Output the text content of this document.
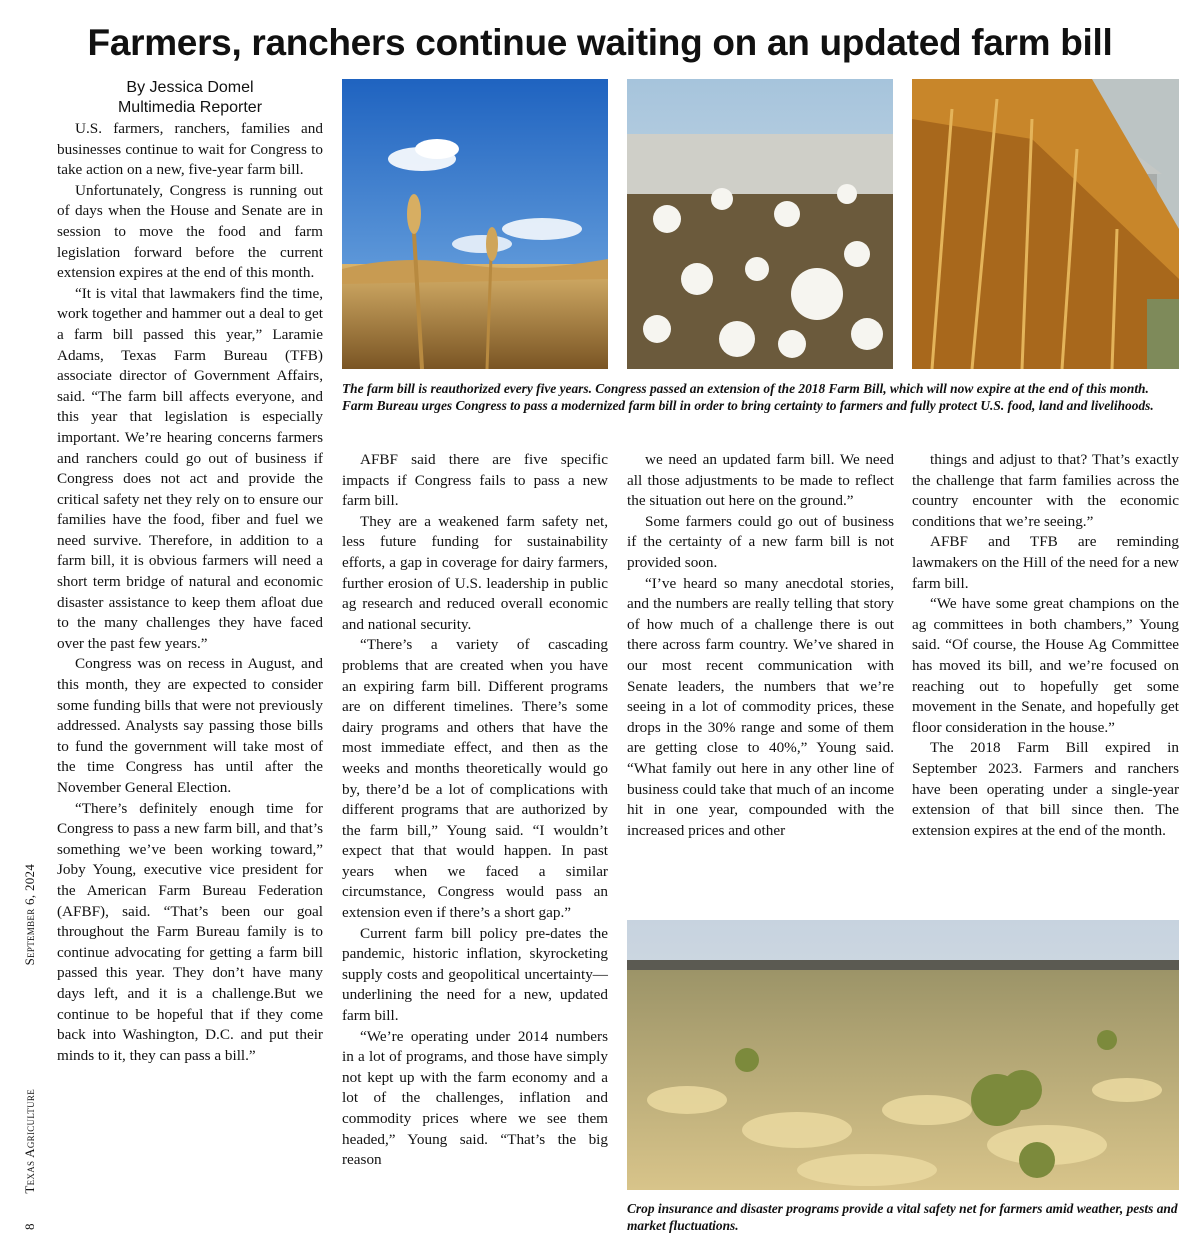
Farmers, ranchers continue waiting on an updated farm bill
By Jessica Domel
Multimedia Reporter

U.S. farmers, ranchers, families and businesses continue to wait for Congress to take action on a new, five-year farm bill.

Unfortunately, Congress is running out of days when the House and Senate are in session to move the food and farm legislation forward before the current extension expires at the end of this month.

“It is vital that lawmakers find the time, work together and hammer out a deal to get a farm bill passed this year,” Laramie Adams, Texas Farm Bureau (TFB) associate director of Government Affairs, said. “The farm bill affects everyone, and this year that legislation is especially important. We’re hearing concerns farmers and ranchers could go out of business if Congress does not act and provide the critical safety net they rely on to ensure our families have the food, fiber and fuel we need survive. Therefore, in addition to a farm bill, it is obvious farmers will need a short term bridge of natural and economic disaster assistance to keep them afloat due to the many challenges they have faced over the past few years.”

Congress was on recess in August, and this month, they are expected to consider some funding bills that were not previously addressed. Analysts say passing those bills to fund the government will take most of the time Congress has until after the November General Election.

“There’s definitely enough time for Congress to pass a new farm bill, and that’s something we’ve been working toward,” Joby Young, executive vice president for the American Farm Bureau Federation (AFBF), said. “That’s been our goal throughout the Farm Bureau family is to continue advocating for getting a farm bill passed this year. They don’t have many days left, and it is a challenge.But we continue to be hopeful that if they come back into Washington, D.C. and put their minds to it, they can pass a bill.”

AFBF said there are five specific impacts if Congress fails to pass a new farm bill.

They are a weakened farm safety net, less future funding for sustainability efforts, a gap in coverage for dairy farmers, further erosion of U.S. leadership in public ag research and reduced overall economic and national security.

“There’s a variety of cascading problems that are created when you have an expiring farm bill. Different programs are on different timelines. There’s some dairy programs and others that have the most immediate effect, and then as the weeks and months theoretically would go by, there’d be a lot of complications with different programs that are authorized by the farm bill,” Young said. “I wouldn’t expect that that would happen. In past years when we faced a similar circumstance, Congress would pass an extension even if there’s a short gap.”

Current farm bill policy pre-dates the pandemic, historic inflation, skyrocketing supply costs and geopolitical uncertainty—underlining the need for a new, updated farm bill.

“We’re operating under 2014 numbers in a lot of programs, and those have simply not kept up with the farm economy and a lot of the challenges, inflation and commodity prices where we see them headed,” Young said. “That’s the big reason

we need an updated farm bill. We need all those adjustments to be made to reflect the situation out here on the ground.”

Some farmers could go out of business if the certainty of a new farm bill is not provided soon.

“I’ve heard so many anecdotal stories, and the numbers are really telling that story of how much of a challenge there is out there across farm country. We’ve shared in our most recent communication with Senate leaders, the numbers that we’re seeing in a lot of commodity prices, these drops in the 30% range and some of them are getting close to 40%,” Young said. “What family out here in any other line of business could take that much of an income hit in one year, compounded with the increased prices and other

things and adjust to that? That’s exactly the challenge that farm families across the country encounter with the economic conditions that we’re seeing.”

AFBF and TFB are reminding lawmakers on the Hill of the need for a new farm bill.

“We have some great champions on the ag committees in both chambers,” Young said. “Of course, the House Ag Committee has moved its bill, and we’re focused on reaching out to hopefully get some movement in the Senate, and hopefully get floor consideration in the house.”

The 2018 Farm Bill expired in September 2023. Farmers and ranchers have been operating under a single-year extension of that bill since then. The extension expires at the end of the month.

The farm bill is reauthorized every five years. Congress passed an extension of the 2018 Farm Bill, which will now expire at the end of this month. Farm Bureau urges Congress to pass a modernized farm bill in order to bring certainty to farmers and fully protect U.S. food, land and livelihoods.
Crop insurance and disaster programs provide a vital safety net for farmers amid weather, pests and market fluctuations.
8 Texas Agriculture September 6, 2024
